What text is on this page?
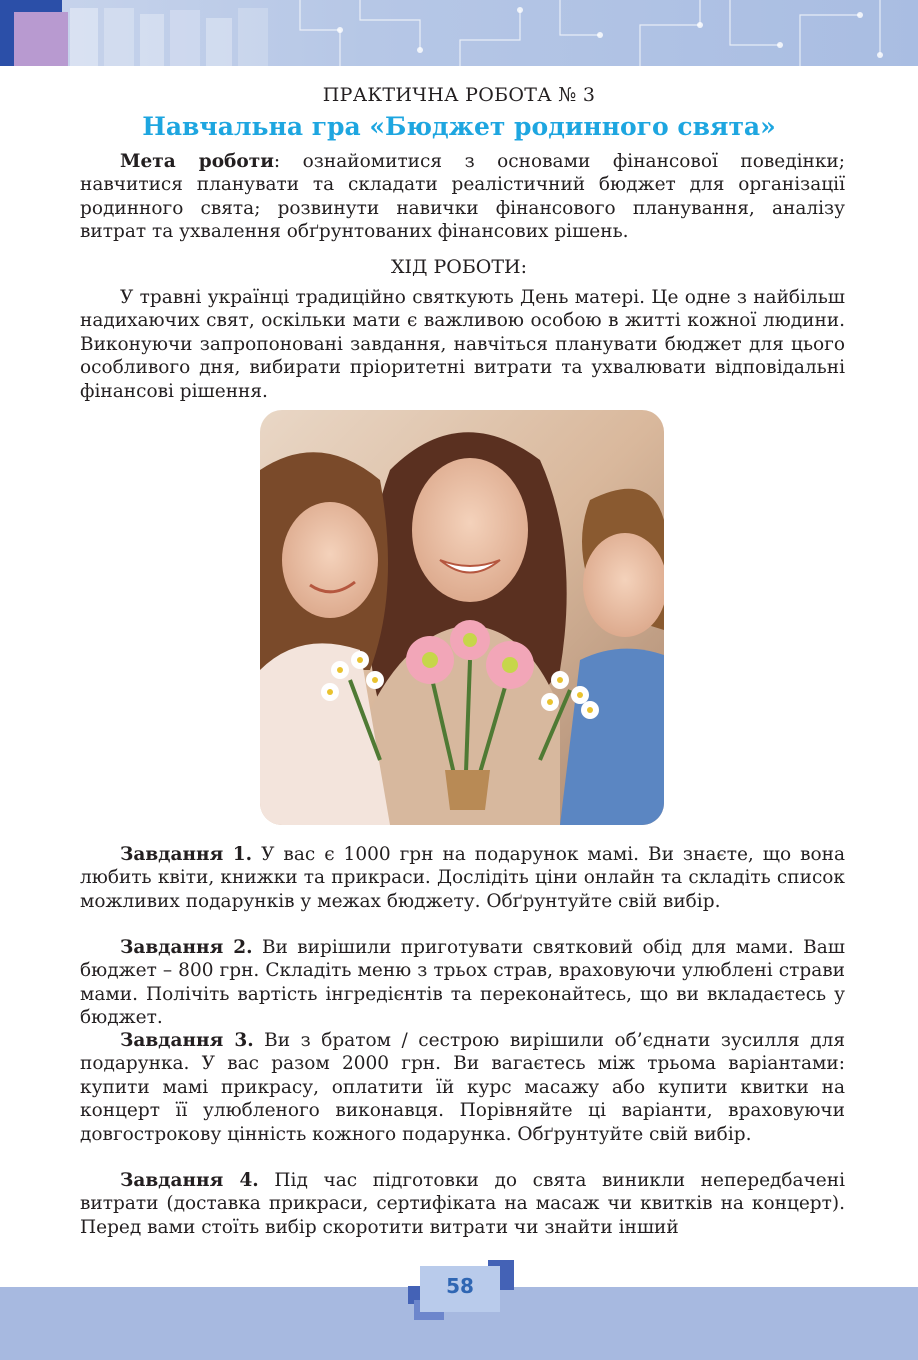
ПРАКТИЧНА РОБОТА № 3
Навчальна гра «Бюджет родинного свята»
Мета роботи: ознайомитися з основами фінансової поведінки; навчитися планувати та складати реалістичний бюджет для організації родинного свята; розвинути навички фінансового планування, аналізу витрат та ухвалення обґрунтованих фінансових рішень.
ХІД РОБОТИ:
У травні українці традиційно святкують День матері. Це одне з найбільш надихаючих свят, оскільки мати є важливою особою в житті кожної людини. Виконуючи запропоновані завдання, навчіться планувати бюджет для цього особливого дня, вибирати пріоритетні витрати та ухвалювати відповідальні фінансові рішення.
Завдання 1. У вас є 1000 грн на подарунок мамі. Ви знаєте, що вона любить квіти, книжки та прикраси. Дослідіть ціни онлайн та складіть список можливих подарунків у межах бюджету. Обґрунтуйте свій вибір.
Завдання 2. Ви вирішили приготувати святковий обід для мами. Ваш бюджет – 800 грн. Складіть меню з трьох страв, враховуючи улюблені страви мами. Полічіть вартість інгредієнтів та переконайтесь, що ви вкладаєтесь у бюджет.
Завдання 3. Ви з братом / сестрою вирішили об’єднати зусилля для подарунка. У вас разом 2000 грн. Ви вагаєтесь між трьома варіантами: купити мамі прикрасу, оплатити їй курс масажу або купити квитки на концерт її улюбленого виконавця. Порівняйте ці варіанти, враховуючи довгострокову цінність кожного подарунка. Обґрунтуйте свій вибір.
Завдання 4. Під час підготовки до свята виникли непередбачені витрати (доставка прикраси, сертифіката на масаж чи квитків на концерт). Перед вами стоїть вибір скоротити витрати чи знайти інший
58
